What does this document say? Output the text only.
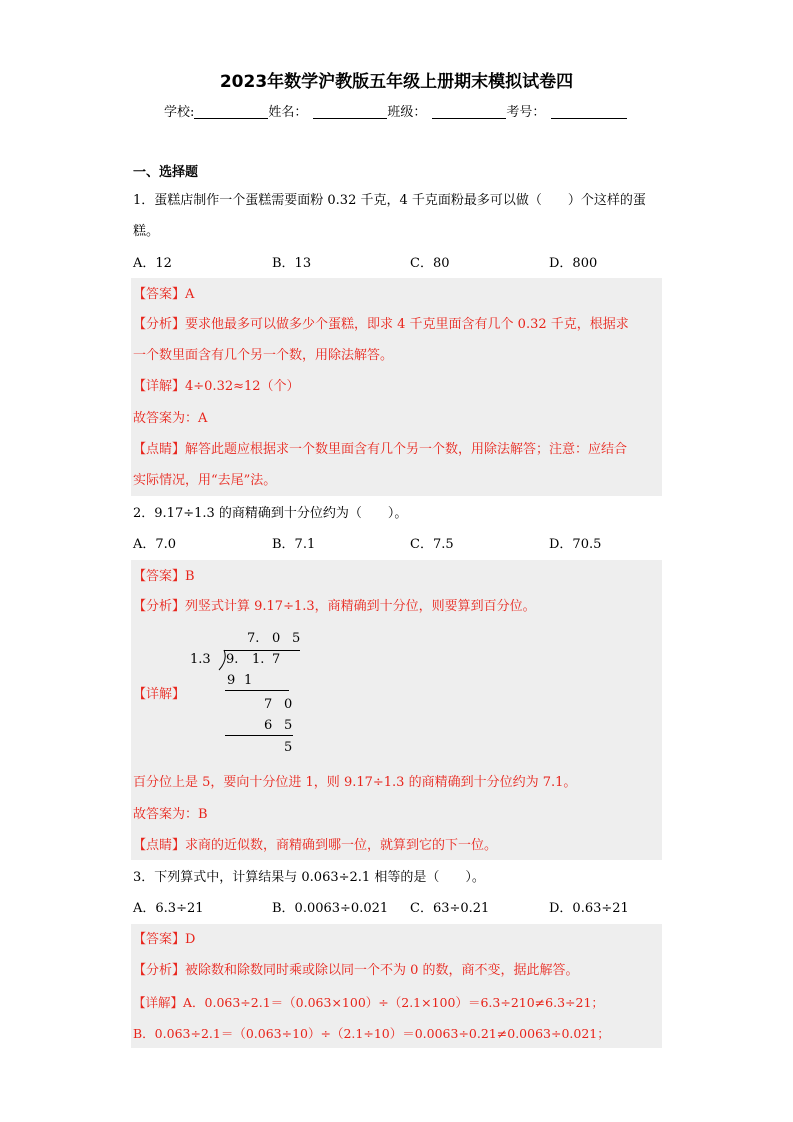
2023年数学沪教版五年级上册期末模拟试卷四
学校:	姓名：	班级：	考号：
一、选择题
1．蛋糕店制作一个蛋糕需要面粉 0.32 千克，4 千克面粉最多可以做（　　）个这样的蛋
糕。
A．12	B．13	C．80	D．800
【答案】A
【分析】要求他最多可以做多少个蛋糕，即求 4 千克里面含有几个 0.32 千克，根据求
一个数里面含有几个另一个数，用除法解答。
【详解】4÷0.32≈12（个）
故答案为：A
【点睛】解答此题应根据求一个数里面含有几个另一个数，用除法解答；注意：应结合
实际情况，用“去尾”法。
2．9.17÷1.3 的商精确到十分位约为（　　）。
A．7.0	B．7.1	C．7.5	D．70.5
【答案】B
【分析】列竖式计算 9.17÷1.3，商精确到十分位，则要算到百分位。
【详解】
7. 0 5
1.3 9. 1. 7
9 1
7 0
6 5
5
百分位上是 5，要向十分位进 1，则 9.17÷1.3 的商精确到十分位约为 7.1。
故答案为：B
【点睛】求商的近似数，商精确到哪一位，就算到它的下一位。
3．下列算式中，计算结果与 0.063÷2.1 相等的是（　　）。
A．6.3÷21	B．0.0063÷0.021 C．63÷0.21	D．0.63÷21
【答案】D
【分析】被除数和除数同时乘或除以同一个不为 0 的数，商不变，据此解答。
【详解】A．0.063÷2.1＝（0.063×100）÷（2.1×100）＝6.3÷210≠6.3÷21；
B．0.063÷2.1＝（0.063÷10）÷（2.1÷10）＝0.0063÷0.21≠0.0063÷0.021；
